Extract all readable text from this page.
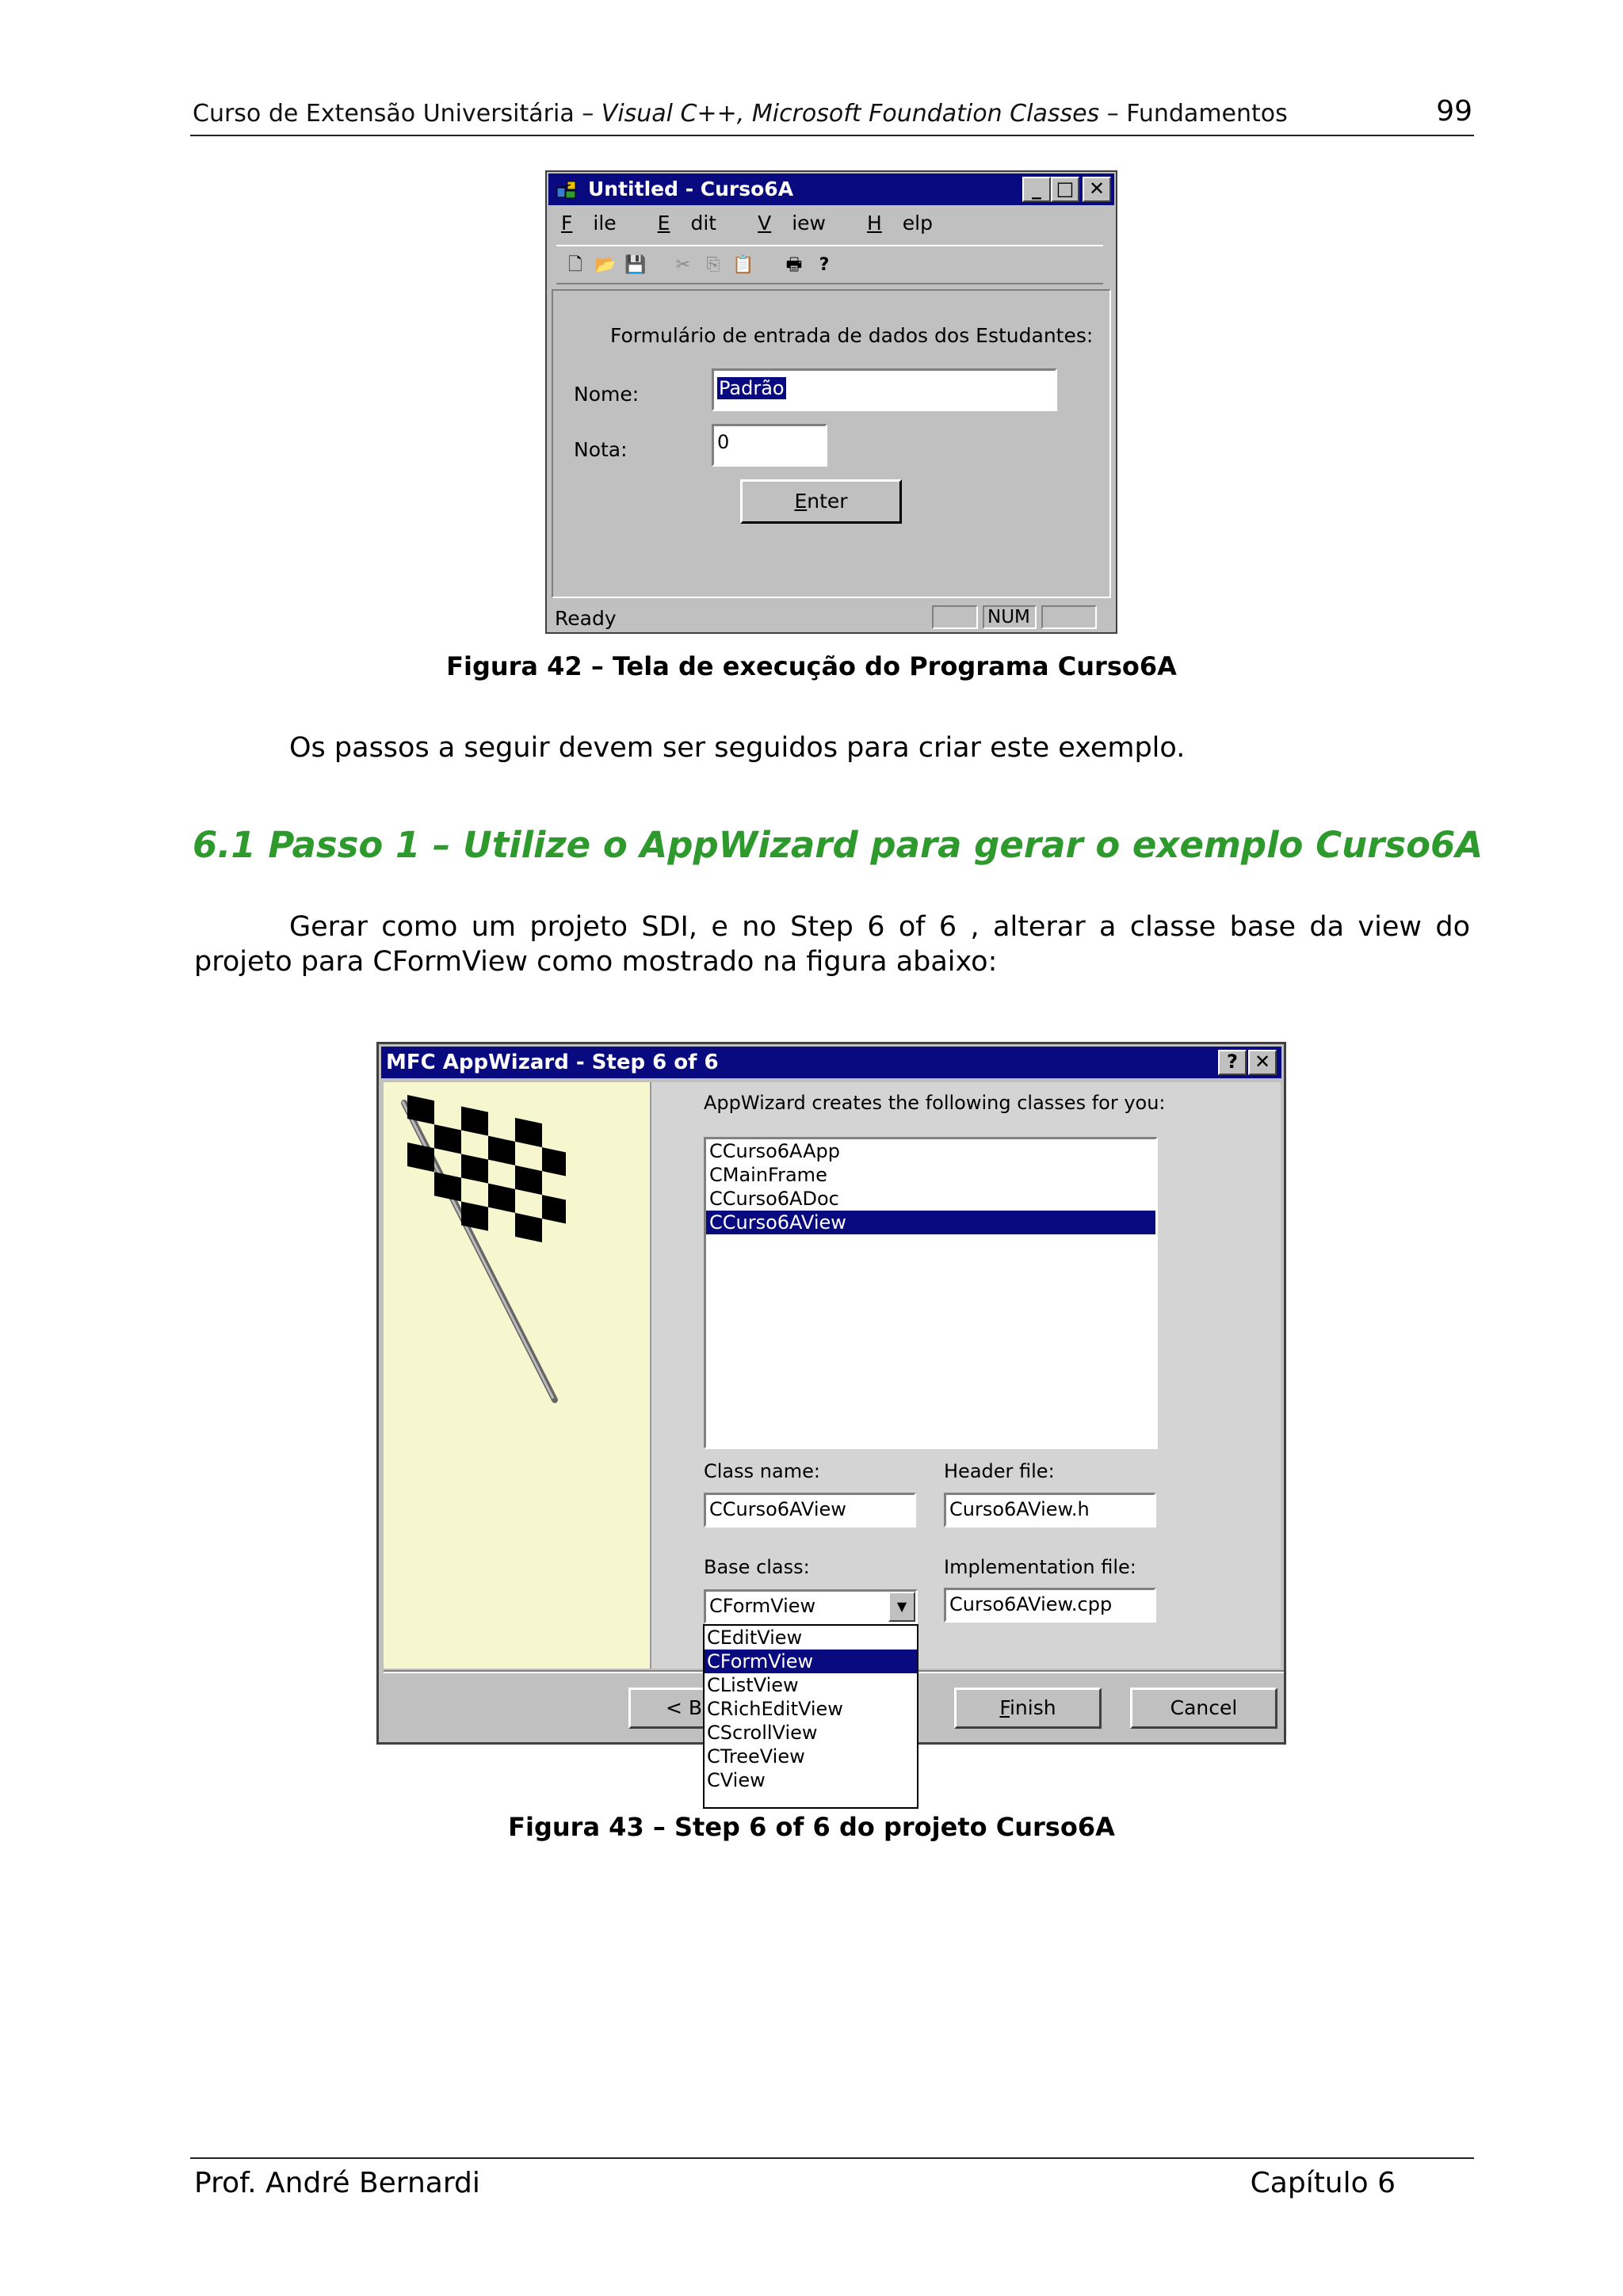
Curso de Extensão Universitária – Visual C++, Microsoft Foundation Classes – Fundamentos	99
Untitled - Curso6A	_ □ ✕
F ile E dit V iew H elp
🗋 📂 💾	✂ ⎘ 📋	🖶 ?
Formulário de entrada de dados dos Estudantes:
Nome:	Padrão
Nota:	0
Enter
Ready	NUM
Figura 42 – Tela de execução do Programa Curso6A
Os passos a seguir devem ser seguidos para criar este exemplo.
6.1 Passo 1 – Utilize o AppWizard para gerar o exemplo Curso6A
Gerar como um projeto SDI, e no Step 6 of 6 , alterar a classe base da view do
projeto para CFormView como mostrado na figura abaixo:
MFC AppWizard - Step 6 of 6	? ✕
AppWizard creates the following classes for you:
CCurso6AApp
CMainFrame
CCurso6ADoc
CCurso6AView
Class name:
CCurso6AView
Header file:
Curso6AView.h
Base class:
CFormView	▼
Implementation file:
Curso6AView.cpp
< B	Finish	Cancel
CEditView
CFormView
CListView
CRichEditView
CScrollView
CTreeView
CView
Figura 43 – Step 6 of 6 do projeto Curso6A
Prof. André Bernardi	Capítulo 6
